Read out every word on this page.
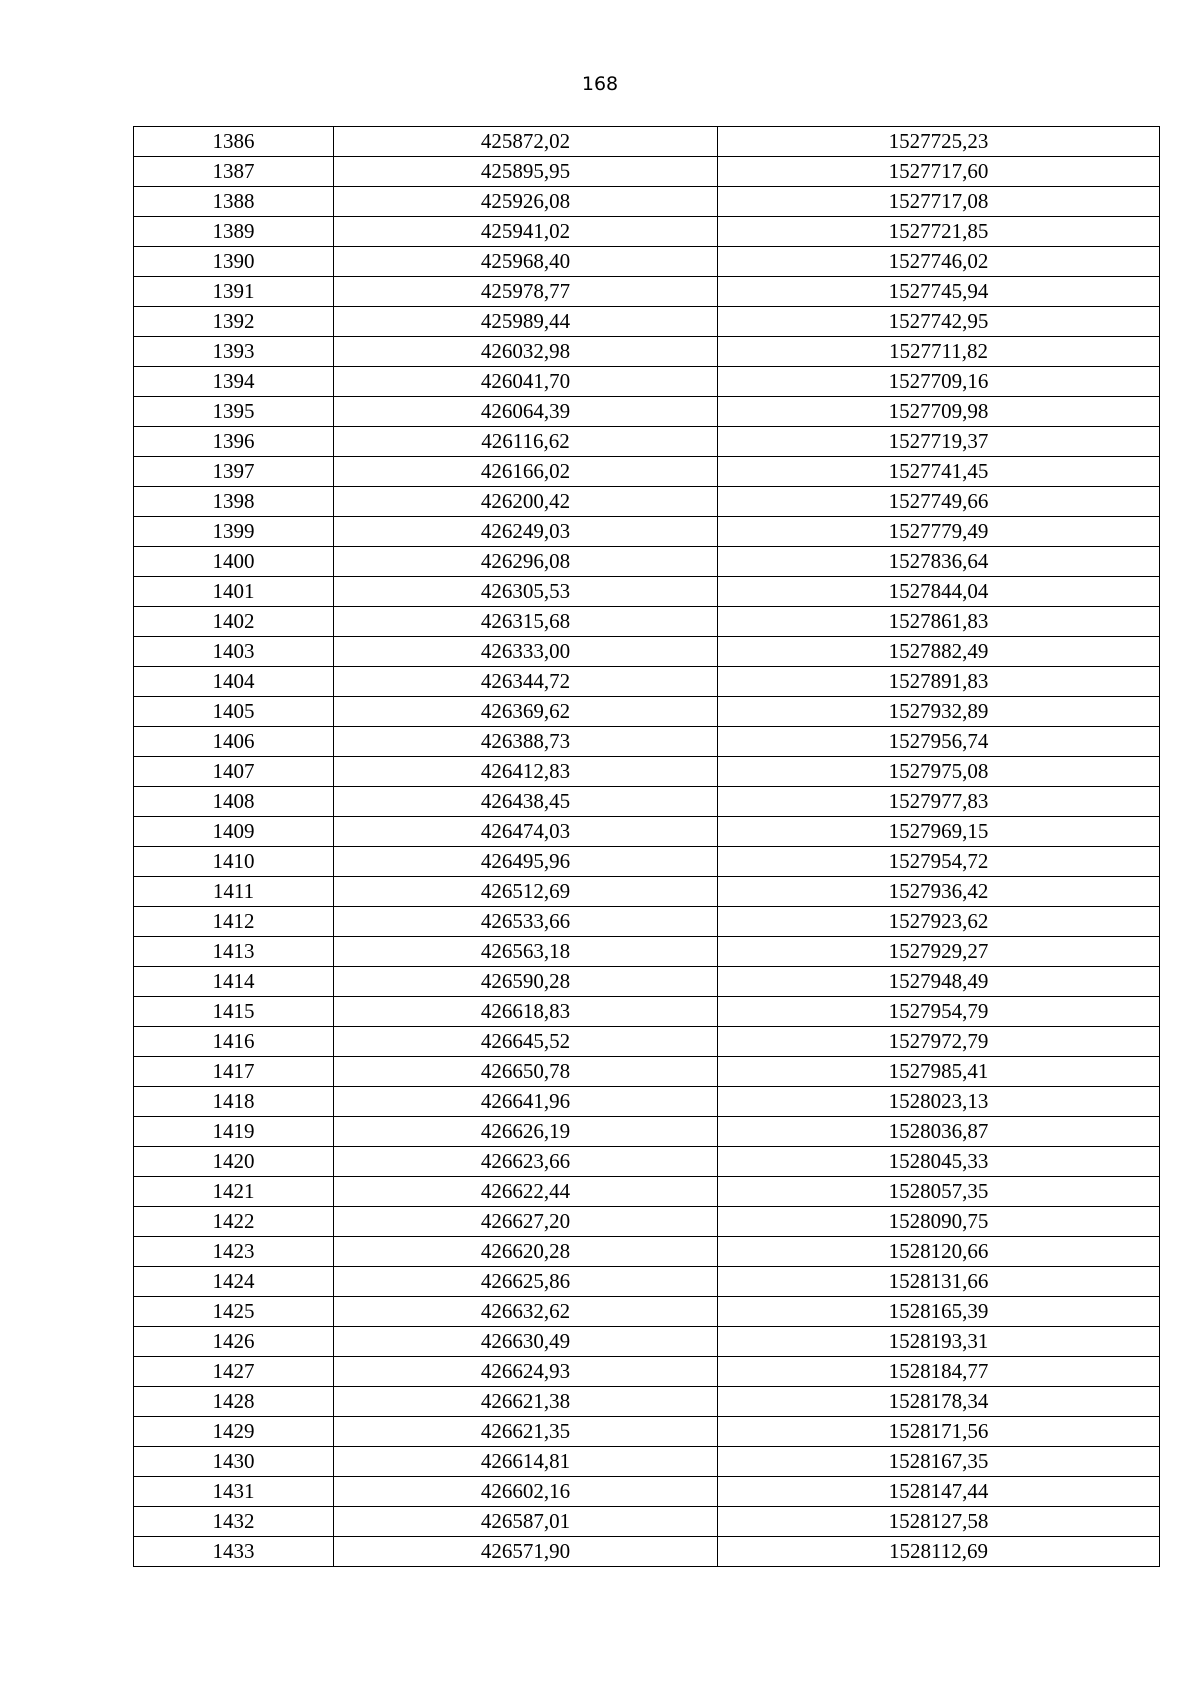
168
1386	425872,02	1527725,23
1387	425895,95	1527717,60
1388	425926,08	1527717,08
1389	425941,02	1527721,85
1390	425968,40	1527746,02
1391	425978,77	1527745,94
1392	425989,44	1527742,95
1393	426032,98	1527711,82
1394	426041,70	1527709,16
1395	426064,39	1527709,98
1396	426116,62	1527719,37
1397	426166,02	1527741,45
1398	426200,42	1527749,66
1399	426249,03	1527779,49
1400	426296,08	1527836,64
1401	426305,53	1527844,04
1402	426315,68	1527861,83
1403	426333,00	1527882,49
1404	426344,72	1527891,83
1405	426369,62	1527932,89
1406	426388,73	1527956,74
1407	426412,83	1527975,08
1408	426438,45	1527977,83
1409	426474,03	1527969,15
1410	426495,96	1527954,72
1411	426512,69	1527936,42
1412	426533,66	1527923,62
1413	426563,18	1527929,27
1414	426590,28	1527948,49
1415	426618,83	1527954,79
1416	426645,52	1527972,79
1417	426650,78	1527985,41
1418	426641,96	1528023,13
1419	426626,19	1528036,87
1420	426623,66	1528045,33
1421	426622,44	1528057,35
1422	426627,20	1528090,75
1423	426620,28	1528120,66
1424	426625,86	1528131,66
1425	426632,62	1528165,39
1426	426630,49	1528193,31
1427	426624,93	1528184,77
1428	426621,38	1528178,34
1429	426621,35	1528171,56
1430	426614,81	1528167,35
1431	426602,16	1528147,44
1432	426587,01	1528127,58
1433	426571,90	1528112,69
